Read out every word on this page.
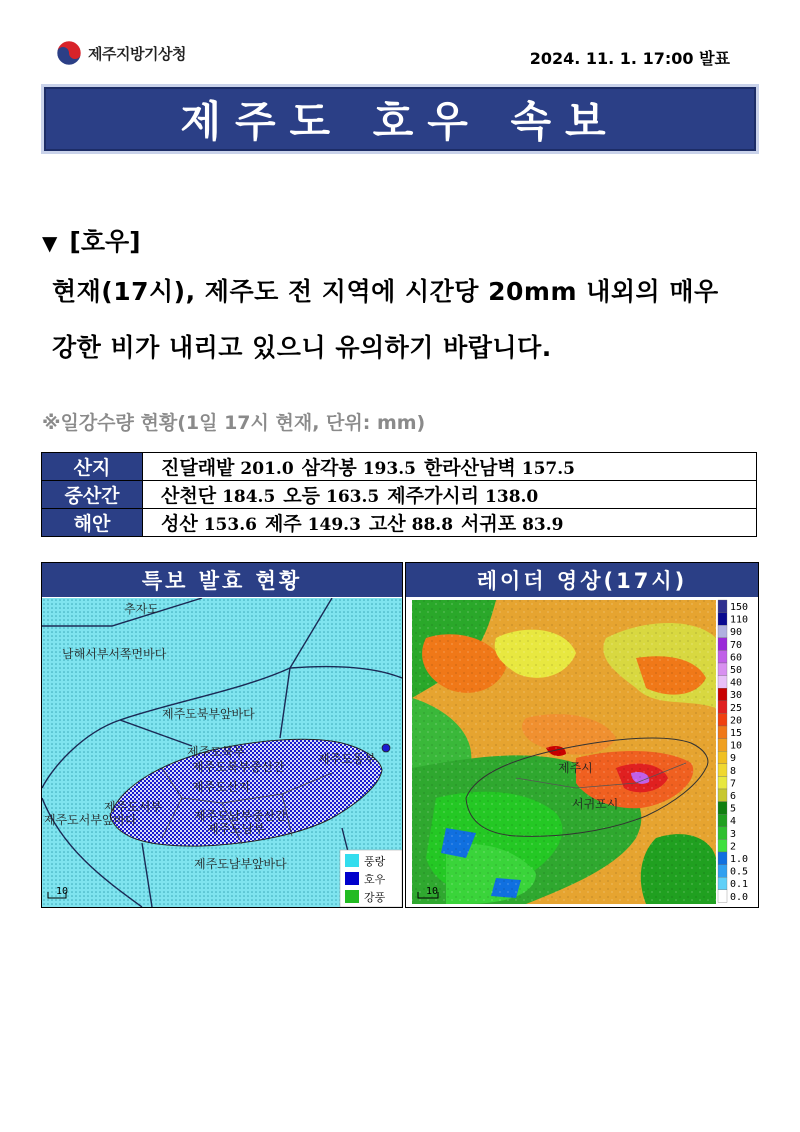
제주지방기상청	2024. 11. 1. 17:00 발표
제주도 호우 속보
▼ [호우]
현재(17시), 제주도 전 지역에 시간당 20mm 내외의 매우
강한 비가 내리고 있으니 유의하기 바랍니다.
※일강수량 현황(1일 17시 현재, 단위: mm)
산지	진달래밭 201.0 삼각봉 193.5 한라산남벽 157.5
중산간	산천단 184.5 오등 163.5 제주가시리 138.0
해안	성산 153.6 제주 149.3 고산 88.8 서귀포 83.9
특보 발효 현황
추자도
남해서부서쪽먼바다
제주도북부앞바다
제주도북부
제주도북부중산간
제주도동부
제주도산지
제주도서부
제주도서부앞바다	제주도남부중산간
제주도남부
제주도남부앞바다
10
풍랑
호우
강풍
레이더 영상(17시)
제주시
서귀포시
10
150
110
90
70
60
50
40
30
25
20
15
10
9
8
7
6
5
4
3
2
1.0
0.5
0.1
0.0
